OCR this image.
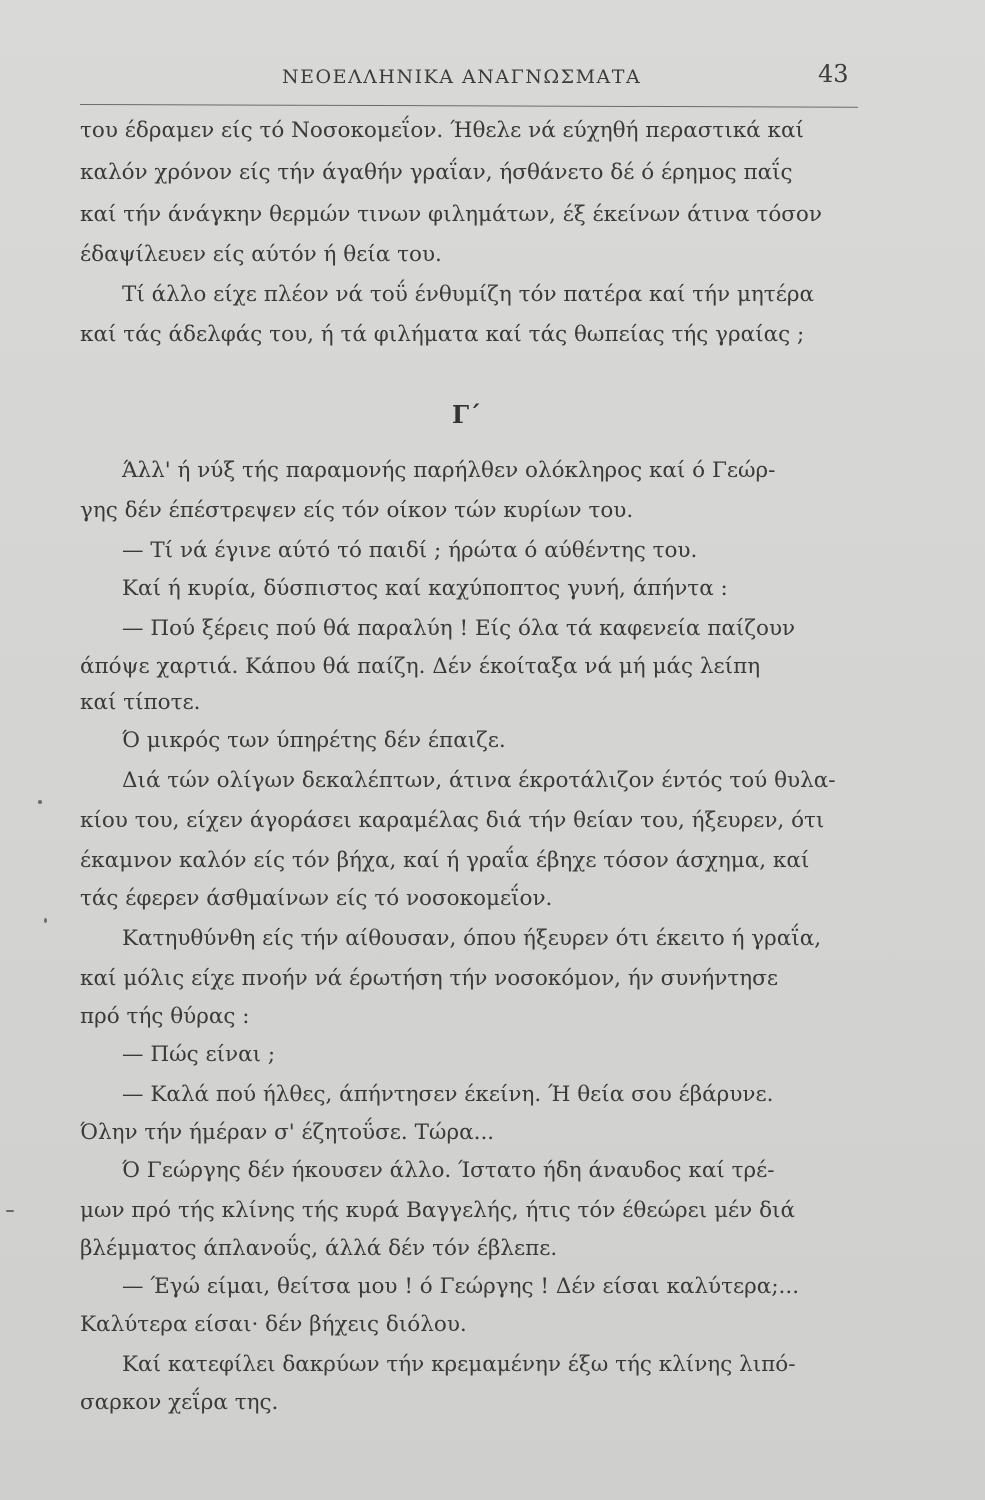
ΝΕΟΕΛΛΗΝΙΚΑ ΑΝΑΓΝΩΣΜΑΤΑ	43
του έδραμεν είς τό Νοσοκομεΐον. Ήθελε νά εύχηθή περαστικά καί
καλόν χρόνον είς τήν άγαθήν γραΐαν, ήσθάνετο δέ ό έρημος παΐς
καί τήν άνάγκην θερμών τινων φιλημάτων, έξ έκείνων άτινα τόσον
έδαψίλευεν είς αύτόν ή θεία του.
Τί άλλο είχε πλέον νά τοΰ ένθυμίζη τόν πατέρα καί τήν μητέρα
καί τάς άδελφάς του, ή τά φιλήματα καί τάς θωπείας τής γραίας ;
Άλλ' ή νύξ τής παραμονής παρήλθεν ολόκληρος καί ό Γεώρ-
γης δέν έπέστρεψεν είς τόν οίκον τών κυρίων του.
— Τί νά έγινε αύτό τό παιδί ; ήρώτα ό αύθέντης του.
Καί ή κυρία, δύσπιστος καί καχύποπτος γυνή, άπήντα :
— Πού ξέρεις πού θά παραλύη ! Είς όλα τά καφενεία παίζουν
άπόψε χαρτιά. Κάπου θά παίζη. Δέν έκοίταξα νά μή μάς λείπη
καί τίποτε.
Ό μικρός των ύπηρέτης δέν έπαιζε.
Διά τών ολίγων δεκαλέπτων, άτινα έκροτάλιζον έντός τού θυλα-
κίου του, είχεν άγοράσει καραμέλας διά τήν θείαν του, ήξευρεν, ότι
έκαμνον καλόν είς τόν βήχα, καί ή γραΐα έβηχε τόσον άσχημα, καί
τάς έφερεν άσθμαίνων είς τό νοσοκομεΐον.
Κατηυθύνθη είς τήν αίθουσαν, όπου ήξευρεν ότι έκειτο ή γραΐα,
καί μόλις είχε πνοήν νά έρωτήση τήν νοσοκόμον, ήν συνήντησε
πρό τής θύρας :
— Πώς είναι ;
— Καλά πού ήλθες, άπήντησεν έκείνη. Ή θεία σου έβάρυνε.
Όλην τήν ήμέραν σ' έζητοΰσε. Τώρα...
Ό Γεώργης δέν ήκουσεν άλλο. Ίστατο ήδη άναυδος καί τρέ-
μων πρό τής κλίνης τής κυρά Βαγγελής, ήτις τόν έθεώρει μέν διά
βλέμματος άπλανοΰς, άλλά δέν τόν έβλεπε.
— Έγώ είμαι, θείτσα μου ! ό Γεώργης ! Δέν είσαι καλύτερα;...
Καλύτερα είσαι· δέν βήχεις διόλου.
Καί κατεφίλει δακρύων τήν κρεμαμένην έξω τής κλίνης λιπό-
σαρκον χεΐρα της.
Γ΄
